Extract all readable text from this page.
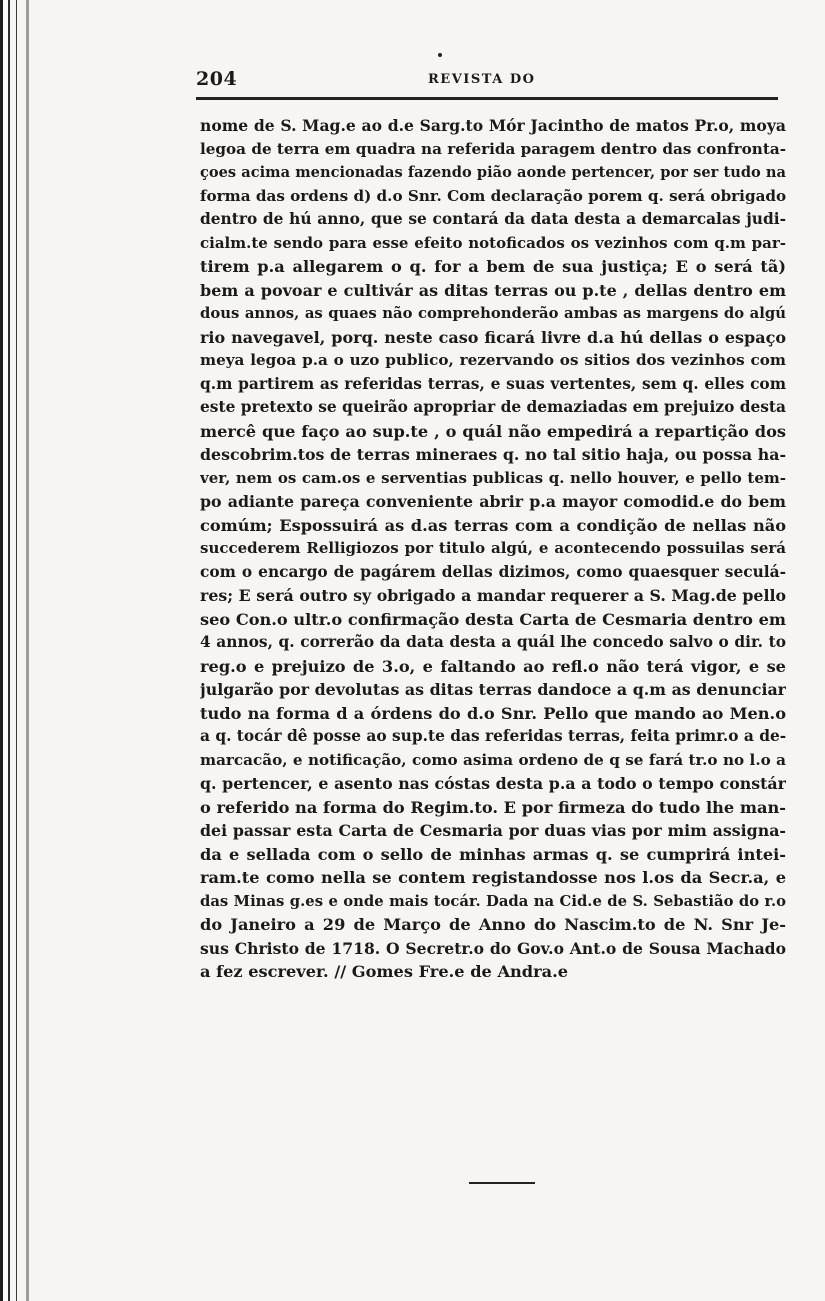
204	REVISTA DO
nome de S. Mag.e ao d.e Sarg.to Mór Jacintho de matos Pr.o, moya
legoa de terra em quadra na referida paragem dentro das confronta-
çoes acima mencionadas fazendo pião aonde pertencer, por ser tudo na
forma das ordens d) d.o Snr. Com declaração porem q. será obrigado
dentro de hú anno, que se contará da data desta a demarcalas judi-
cialm.te sendo para esse efeito notoficados os vezinhos com q.m par-
tirem p.a allegarem o q. for a bem de sua justiça; E o será tã)
bem a povoar e cultivár as ditas terras ou p.te , dellas dentro em
dous annos, as quaes não comprehonderão ambas as margens do algú
rio navegavel, porq. neste caso ficará livre d.a hú dellas o espaço
meya legoa p.a o uzo publico, rezervando os sitios dos vezinhos com
q.m partirem as referidas terras, e suas vertentes, sem q. elles com
este pretexto se queirão apropriar de demaziadas em prejuizo desta
mercê que faço ao sup.te , o quál não empedirá a repartição dos
descobrim.tos de terras mineraes q. no tal sitio haja, ou possa ha-
ver, nem os cam.os e serventias publicas q. nello houver, e pello tem-
po adiante pareça conveniente abrir p.a mayor comodid.e do bem
comúm; Espossuirá as d.as terras com a condição de nellas não
succederem Relligiozos por titulo algú, e acontecendo possuilas será
com o encargo de pagárem dellas dizimos, como quaesquer seculá-
res; E será outro sy obrigado a mandar requerer a S. Mag.de pello
seo Con.o ultr.o confirmação desta Carta de Cesmaria dentro em
4 annos, q. correrão da data desta a quál lhe concedo salvo o dir. to
reg.o e prejuizo de 3.o, e faltando ao refl.o não terá vigor, e se
julgarão por devolutas as ditas terras dandoce a q.m as denunciar
tudo na forma d a órdens do d.o Snr. Pello que mando ao Men.o
a q. tocár dê posse ao sup.te das referidas terras, feita primr.o a de-
marcacão, e notificação, como asima ordeno de q se fará tr.o no l.o a
q. pertencer, e asento nas cóstas desta p.a a todo o tempo constár
o referido na forma do Regim.to. E por firmeza do tudo lhe man-
dei passar esta Carta de Cesmaria por duas vias por mim assigna-
da e sellada com o sello de minhas armas q. se cumprirá intei-
ram.te como nella se contem registandosse nos l.os da Secr.a, e
das Minas g.es e onde mais tocár. Dada na Cid.e de S. Sebastião do r.o
do Janeiro a 29 de Março de Anno do Nascim.to de N. Snr Je-
sus Christo de 1718. O Secretr.o do Gov.o Ant.o de Sousa Machado
a fez escrever. // Gomes Fre.e de Andra.e
